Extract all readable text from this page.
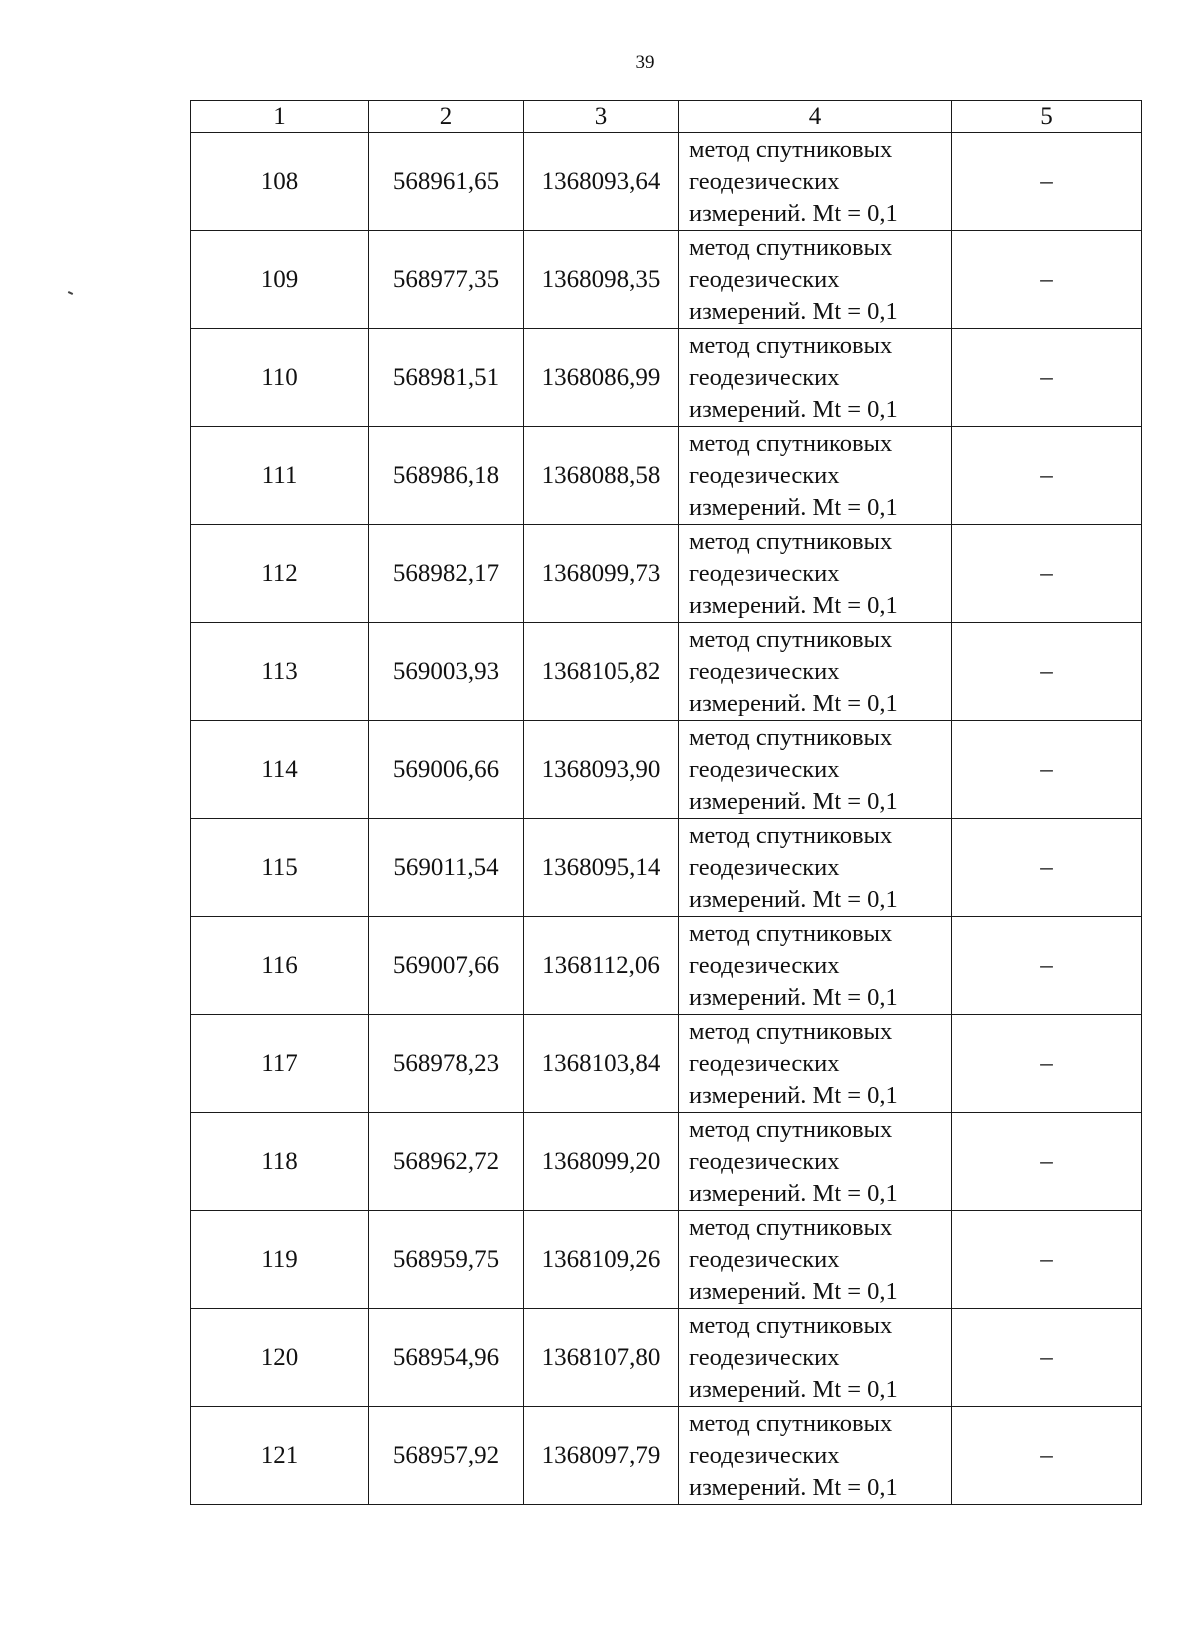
39
1	2	3	4	5
108	568961,65	1368093,64	метод спутниковых
геодезических
измерений. Mt = 0,1	–
109	568977,35	1368098,35	метод спутниковых
геодезических
измерений. Mt = 0,1	–
110	568981,51	1368086,99	метод спутниковых
геодезических
измерений. Mt = 0,1	–
111	568986,18	1368088,58	метод спутниковых
геодезических
измерений. Mt = 0,1	–
112	568982,17	1368099,73	метод спутниковых
геодезических
измерений. Mt = 0,1	–
113	569003,93	1368105,82	метод спутниковых
геодезических
измерений. Mt = 0,1	–
114	569006,66	1368093,90	метод спутниковых
геодезических
измерений. Mt = 0,1	–
115	569011,54	1368095,14	метод спутниковых
геодезических
измерений. Mt = 0,1	–
116	569007,66	1368112,06	метод спутниковых
геодезических
измерений. Mt = 0,1	–
117	568978,23	1368103,84	метод спутниковых
геодезических
измерений. Mt = 0,1	–
118	568962,72	1368099,20	метод спутниковых
геодезических
измерений. Mt = 0,1	–
119	568959,75	1368109,26	метод спутниковых
геодезических
измерений. Mt = 0,1	–
120	568954,96	1368107,80	метод спутниковых
геодезических
измерений. Mt = 0,1	–
121	568957,92	1368097,79	метод спутниковых
геодезических
измерений. Mt = 0,1	–
